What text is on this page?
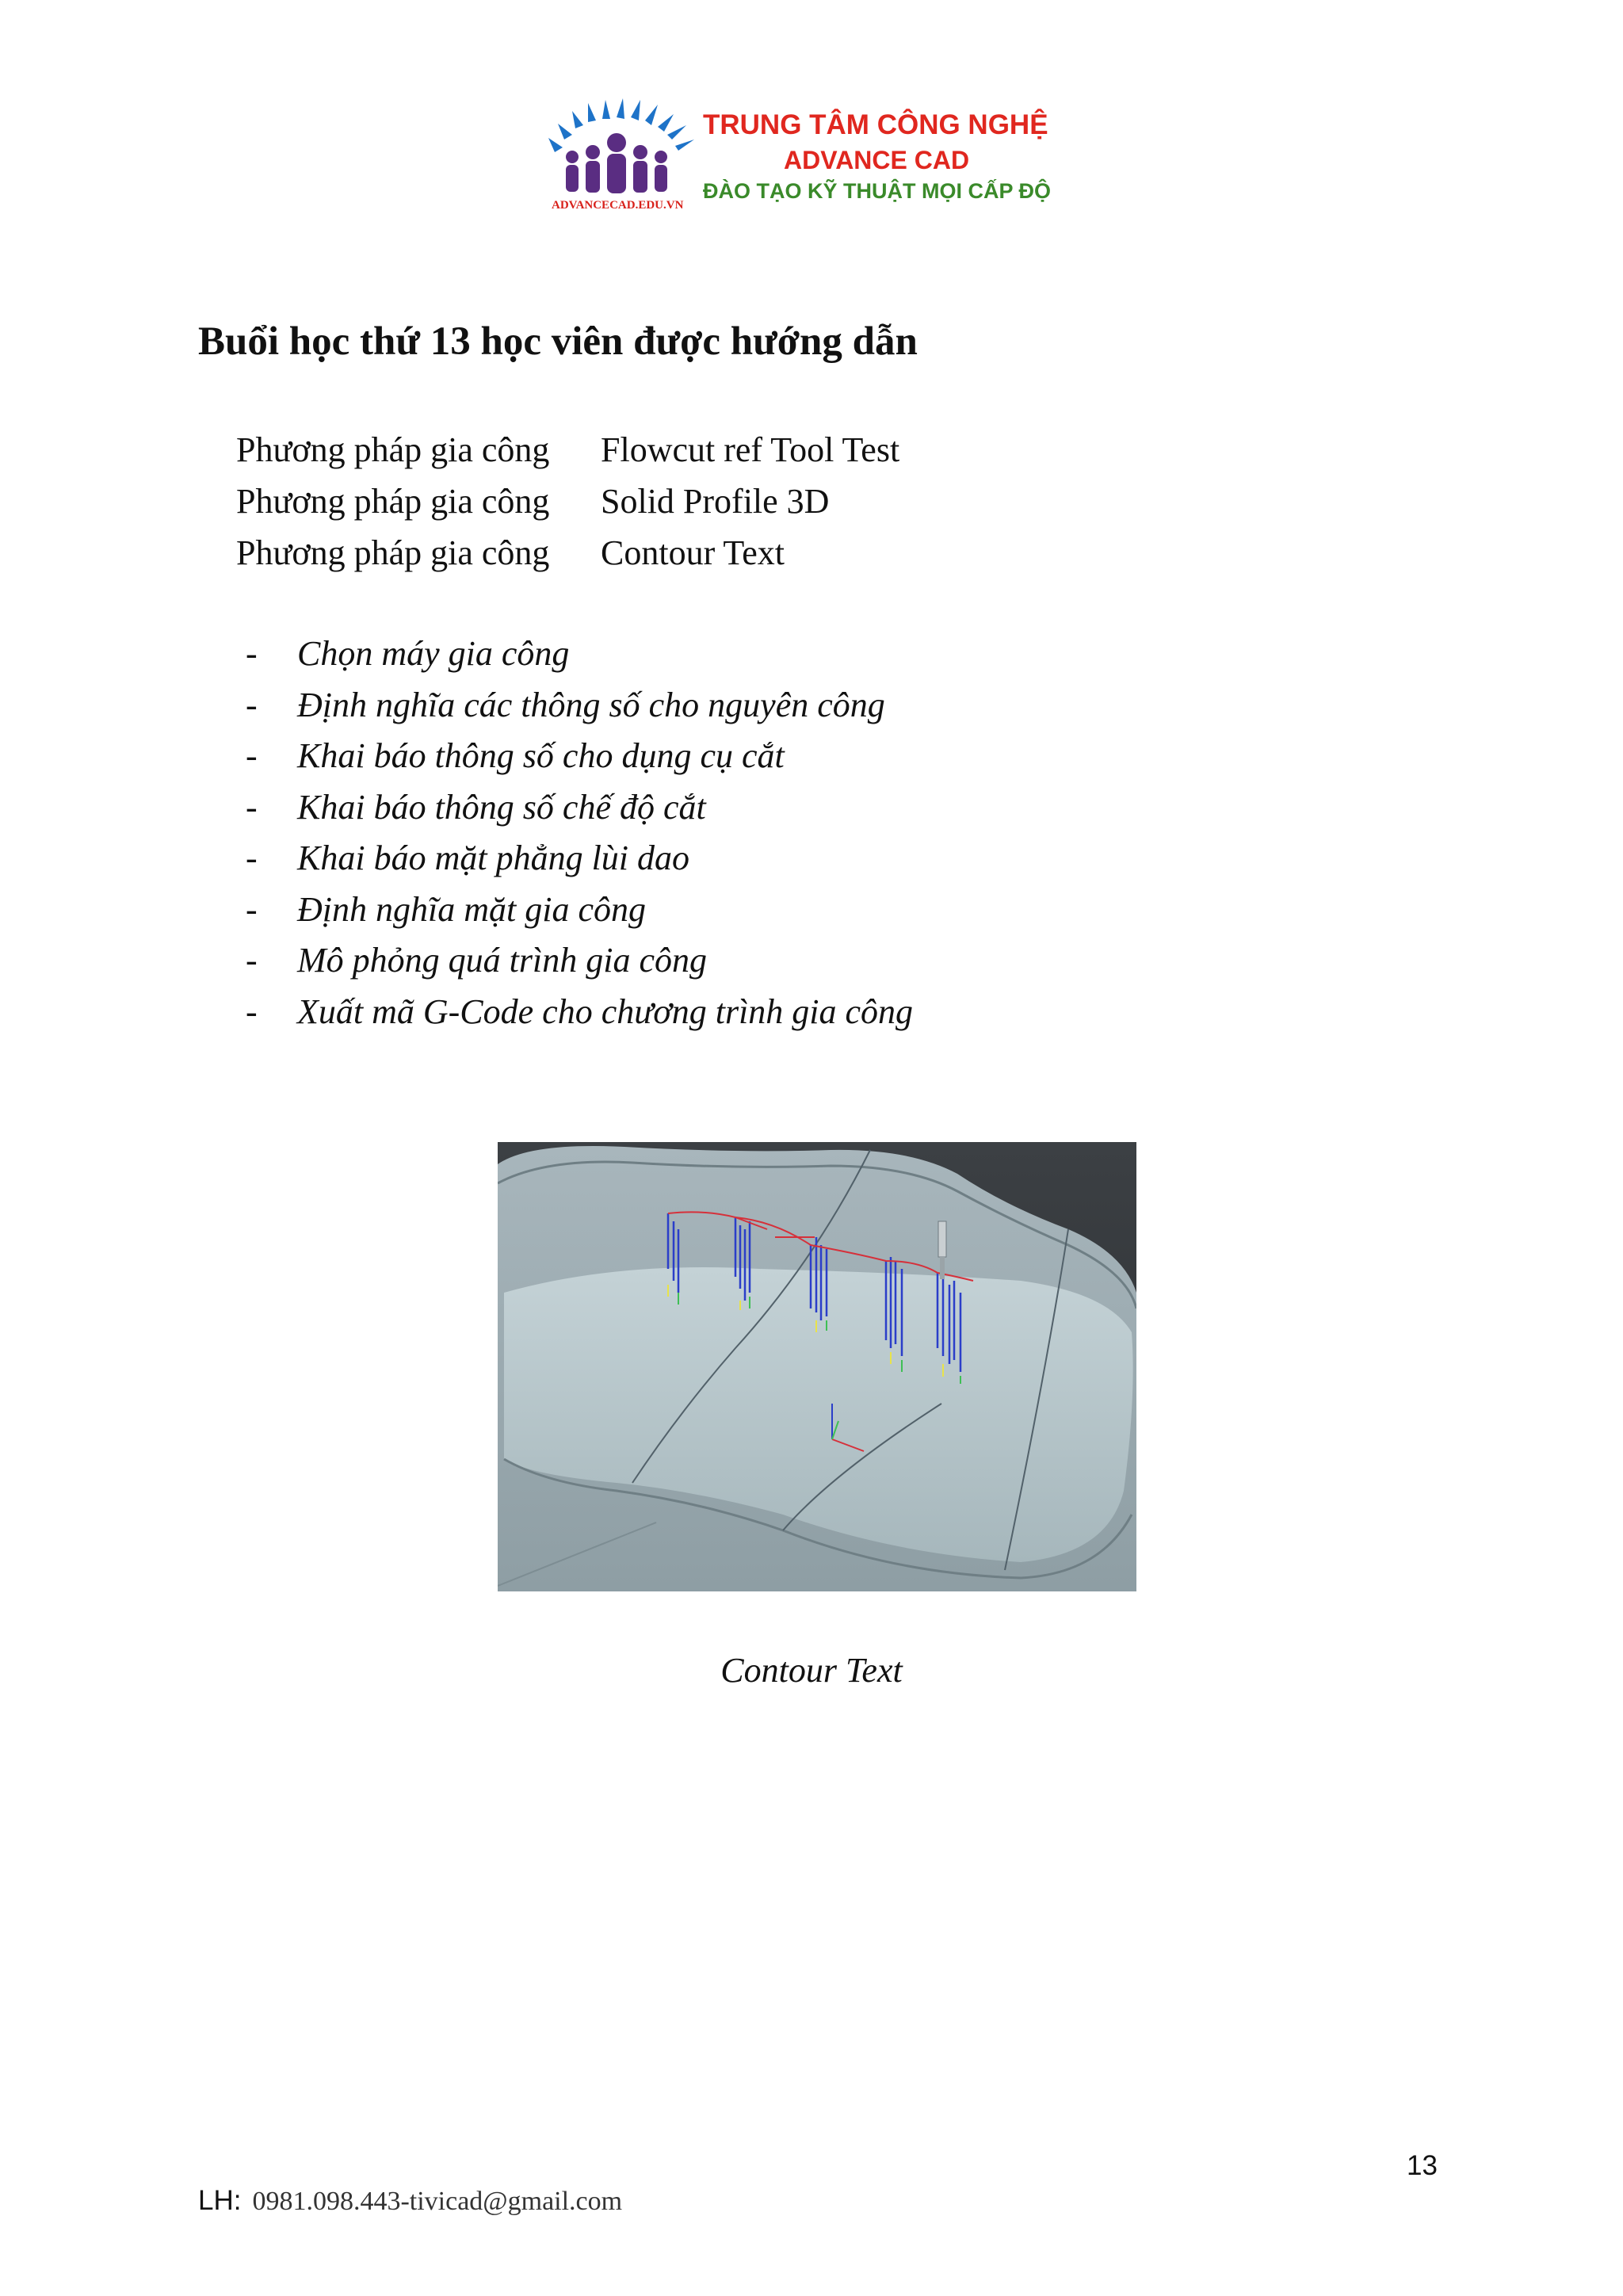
ADVANCECAD.EDU.VN
TRUNG TÂM CÔNG NGHỆ
ADVANCE CAD
ĐÀO TẠO KỸ THUẬT MỌI CẤP ĐỘ
Buổi học thứ 13 học viên được hướng dẫn
Phương pháp gia công Flowcut ref Tool Test
Phương pháp gia công Solid Profile 3D
Phương pháp gia công Contour Text
- Chọn máy gia công
- Định nghĩa các thông số cho nguyên công
- Khai báo thông số cho dụng cụ cắt
- Khai báo thông số chế độ cắt
- Khai báo mặt phẳng lùi dao
- Định nghĩa mặt gia công
- Mô phỏng quá trình gia công
- Xuất mã G-Code cho chương trình gia công
Contour Text
13
LH: 0981.098.443-tivicad@gmail.com
